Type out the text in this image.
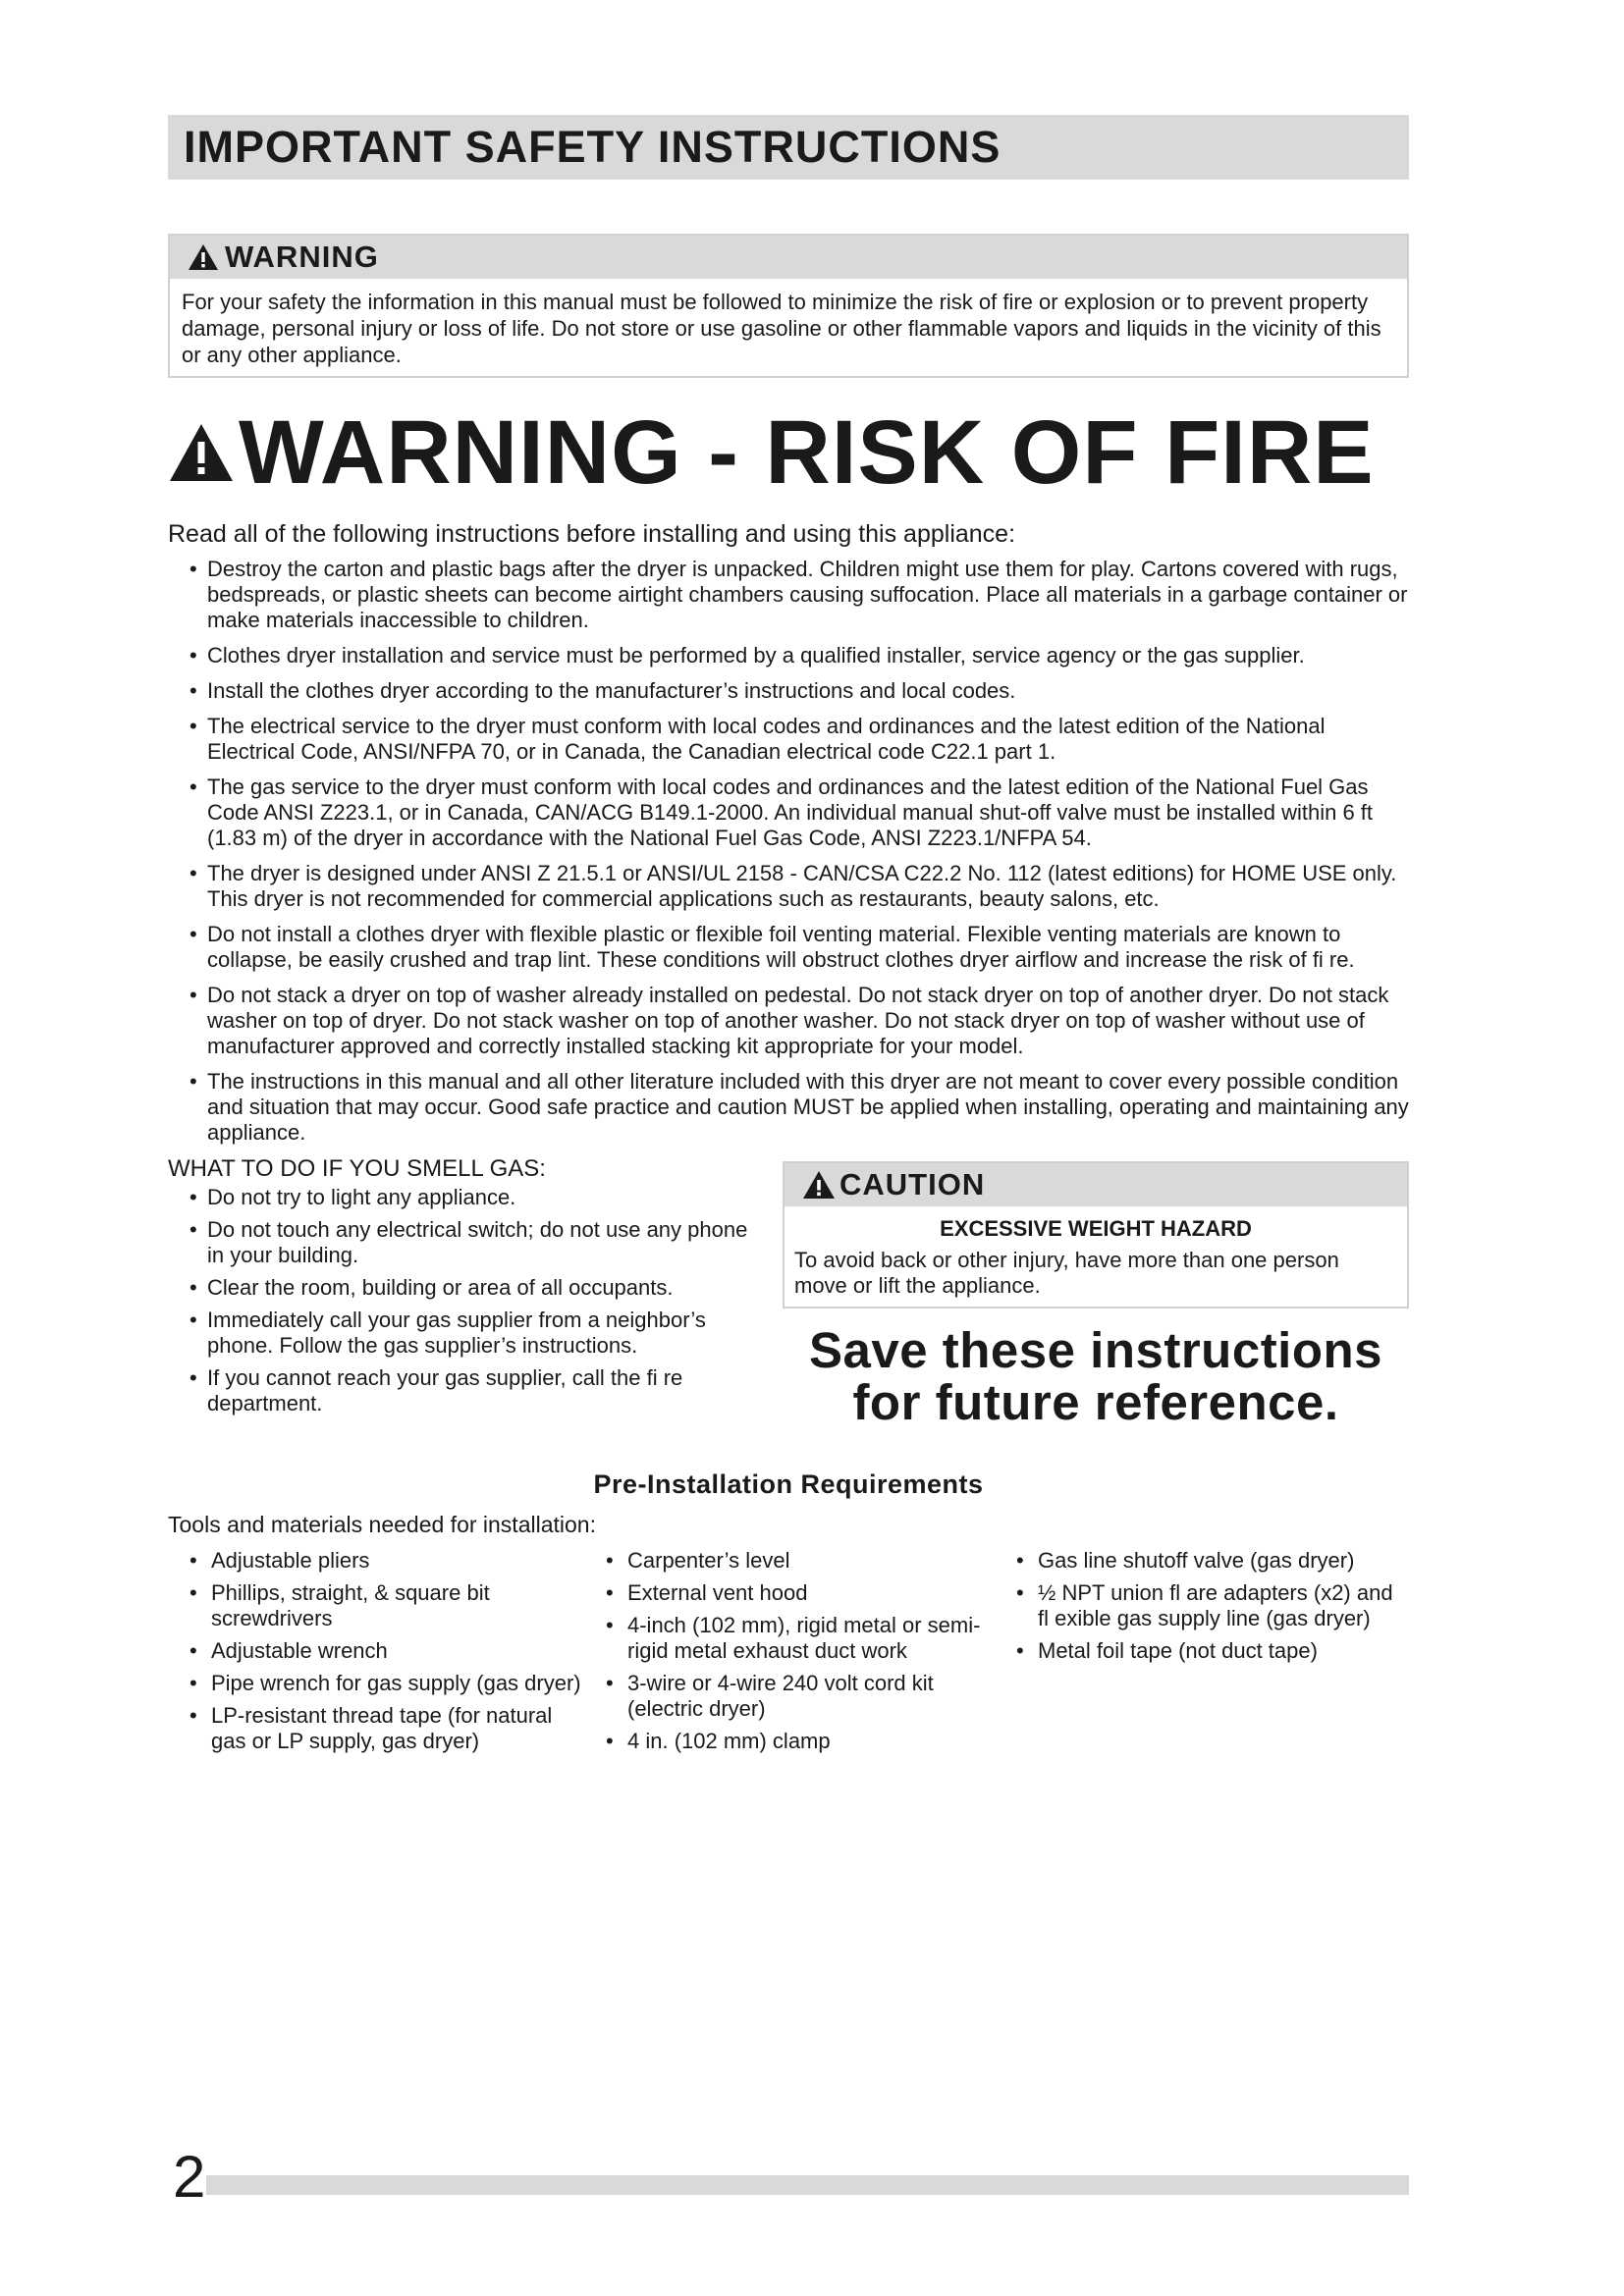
IMPORTANT SAFETY INSTRUCTIONS
WARNING
For your safety the information in this manual must be followed to minimize the risk of fire or explosion or to prevent property damage, personal injury or loss of life. Do not store or use gasoline or other flammable vapors and liquids in the vicinity of this or any other appliance.
WARNING - RISK OF FIRE
Read all of the following instructions before installing and using this appliance:
• Destroy the carton and plastic bags after the dryer is unpacked. Children might use them for play. Cartons covered with rugs, bedspreads, or plastic sheets can become airtight chambers causing suffocation. Place all materials in a garbage container or make materials inaccessible to children.
• Clothes dryer installation and service must be performed by a qualified installer, service agency or the gas supplier.
• Install the clothes dryer according to the manufacturer’s instructions and local codes.
• The electrical service to the dryer must conform with local codes and ordinances and the latest edition of the National Electrical Code, ANSI/NFPA 70, or in Canada, the Canadian electrical code C22.1 part 1.
• The gas service to the dryer must conform with local codes and ordinances and the latest edition of the National Fuel Gas Code ANSI Z223.1, or in Canada, CAN/ACG B149.1-2000. An individual manual shut-off valve must be installed within 6 ft (1.83 m) of the dryer in accordance with the National Fuel Gas Code, ANSI Z223.1/NFPA 54.
• The dryer is designed under ANSI Z 21.5.1 or ANSI/UL 2158 - CAN/CSA C22.2 No. 112 (latest editions) for HOME USE only. This dryer is not recommended for commercial applications such as restaurants, beauty salons, etc.
• Do not install a clothes dryer with flexible plastic or flexible foil venting material. Flexible venting materials are known to collapse, be easily crushed and trap lint. These conditions will obstruct clothes dryer airflow and increase the risk of fi re.
• Do not stack a dryer on top of washer already installed on pedestal. Do not stack dryer on top of another dryer. Do not stack washer on top of dryer. Do not stack washer on top of another washer. Do not stack dryer on top of washer without use of manufacturer approved and correctly installed stacking kit appropriate for your model.
• The instructions in this manual and all other literature included with this dryer are not meant to cover every possible condition and situation that may occur. Good safe practice and caution MUST be applied when installing, operating and maintaining any appliance.
WHAT TO DO IF YOU SMELL GAS:
• Do not try to light any appliance.
• Do not touch any electrical switch; do not use any phone in your building.
• Clear the room, building or area of all occupants.
• Immediately call your gas supplier from a neighbor’s phone. Follow the gas supplier’s instructions.
• If you cannot reach your gas supplier, call the fi re department.
CAUTION
EXCESSIVE WEIGHT HAZARD
To avoid back or other injury, have more than one person move or lift the appliance.
Save these instructions
for future reference.
Pre-Installation Requirements
Tools and materials needed for installation:
• Adjustable pliers
• Phillips, straight, & square bit screwdrivers
• Adjustable wrench
• Pipe wrench for gas supply (gas dryer)
• LP-resistant thread tape (for natural gas or LP supply, gas dryer)
• Carpenter’s level
• External vent hood
• 4-inch (102 mm), rigid metal or semi-rigid metal exhaust duct work
• 3-wire or 4-wire 240 volt cord kit (electric dryer)
• 4 in. (102 mm) clamp
• Gas line shutoff valve (gas dryer)
• ½ NPT union fl are adapters (x2) and fl exible gas supply line (gas dryer)
• Metal foil tape (not duct tape)
2
